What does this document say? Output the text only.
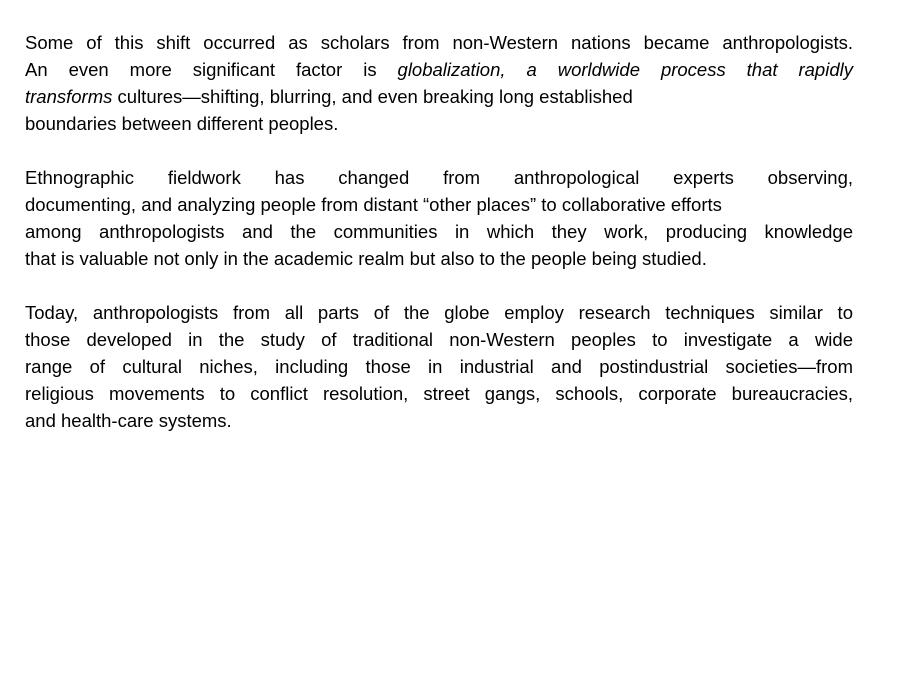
Some of this shift occurred as scholars from non-Western nations became anthropologists.
An even more significant factor is globalization, a worldwide process that rapidly
transforms cultures—shifting, blurring, and even breaking long established
boundaries between different peoples.
Ethnographic fieldwork has changed from anthropological experts observing,
documenting, and analyzing people from distant “other places” to collaborative efforts
among anthropologists and the communities in which they work, producing knowledge
that is valuable not only in the academic realm but also to the people being studied.
Today, anthropologists from all parts of the globe employ research techniques similar to
those developed in the study of traditional non-Western peoples to investigate a wide
range of cultural niches, including those in industrial and postindustrial societies—from
religious movements to conflict resolution, street gangs, schools, corporate bureaucracies,
and health-care systems.
